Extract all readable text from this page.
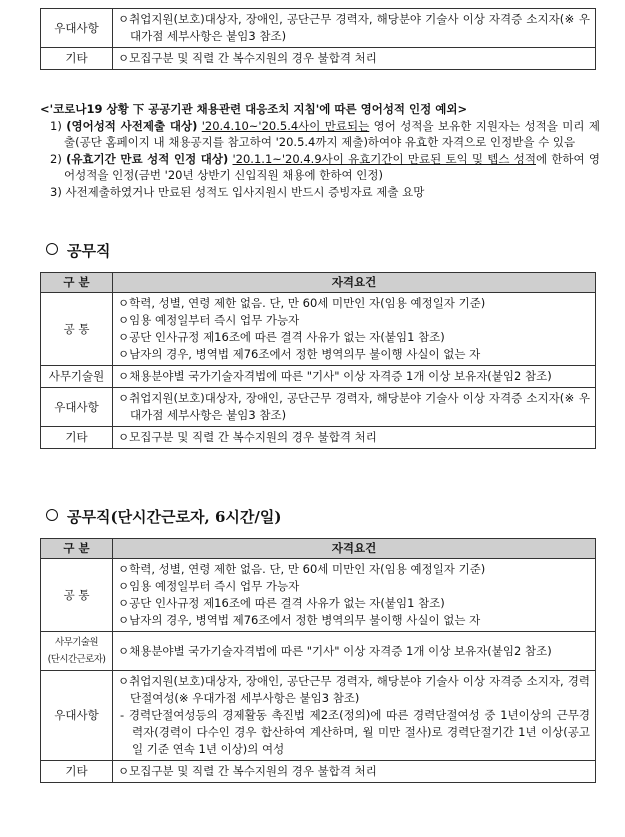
우대사항	ㅇ취업지원(보호)대상자, 장애인, 공단근무 경력자, 해당분야 기술사 이상 자격증 소지자(※ 우대가점 세부사항은 붙임3 참조)

기타	ㅇ모집구분 및 직렬 간 복수지원의 경우 불합격 처리
<'코로나19 상황 下 공공기관 채용관련 대응조치 지침'에 따른 영어성적 인정 예외>
1) (영어성적 사전제출 대상) '20.4.10~'20.5.4사이 만료되는 영어 성적을 보유한 지원자는 성적을 미리 제출(공단 홈페이지 내 채용공지를 참고하여 '20.5.4까지 제출)하여야 유효한 자격으로 인정받을 수 있음
2) (유효기간 만료 성적 인정 대상) '20.1.1~'20.4.9사이 유효기간이 만료된 토익 및 텝스 성적에 한하여 영어성적을 인정(금번 '20년 상반기 신입직원 채용에 한하여 인정)
3) 사전제출하였거나 만료된 성적도 입사지원시 반드시 증빙자료 제출 요망
공무직
구 분	자격요건
공 통	ㅇ학력, 성별, 연령 제한 없음. 단, 만 60세 미만인 자(임용 예정일자 기준)
ㅇ임용 예정일부터 즉시 업무 가능자
ㅇ공단 인사규정 제16조에 따른 결격 사유가 없는 자(붙임1 참조)
ㅇ남자의 경우, 병역법 제76조에서 정한 병역의무 불이행 사실이 없는 자

사무기술원	ㅇ채용분야별 국가기술자격법에 따른 "기사" 이상 자격증 1개 이상 보유자(붙임2 참조)

우대사항	ㅇ취업지원(보호)대상자, 장애인, 공단근무 경력자, 해당분야 기술사 이상 자격증 소지자(※ 우대가점 세부사항은 붙임3 참조)

기타	ㅇ모집구분 및 직렬 간 복수지원의 경우 불합격 처리
공무직(단시간근로자, 6시간/일)
구 분	자격요건
공 통	ㅇ학력, 성별, 연령 제한 없음. 단, 만 60세 미만인 자(임용 예정일자 기준)
ㅇ임용 예정일부터 즉시 업무 가능자
ㅇ공단 인사규정 제16조에 따른 결격 사유가 없는 자(붙임1 참조)
ㅇ남자의 경우, 병역법 제76조에서 정한 병역의무 불이행 사실이 없는 자

사무기술원
(단시간근로자)	ㅇ채용분야별 국가기술자격법에 따른 "기사" 이상 자격증 1개 이상 보유자(붙임2 참조)

우대사항	ㅇ취업지원(보호)대상자, 장애인, 공단근무 경력자, 해당분야 기술사 이상 자격증 소지자, 경력단절여성(※ 우대가점 세부사항은 붙임3 참조)
- 경력단절여성등의 경제활동 촉진법 제2조(정의)에 따른 경력단절여성 중 1년이상의 근무경력자(경력이 다수인 경우 합산하여 계산하며, 월 미만 절사)로 경력단절기간 1년 이상(공고일 기준 연속 1년 이상)의 여성

기타	ㅇ모집구분 및 직렬 간 복수지원의 경우 불합격 처리
